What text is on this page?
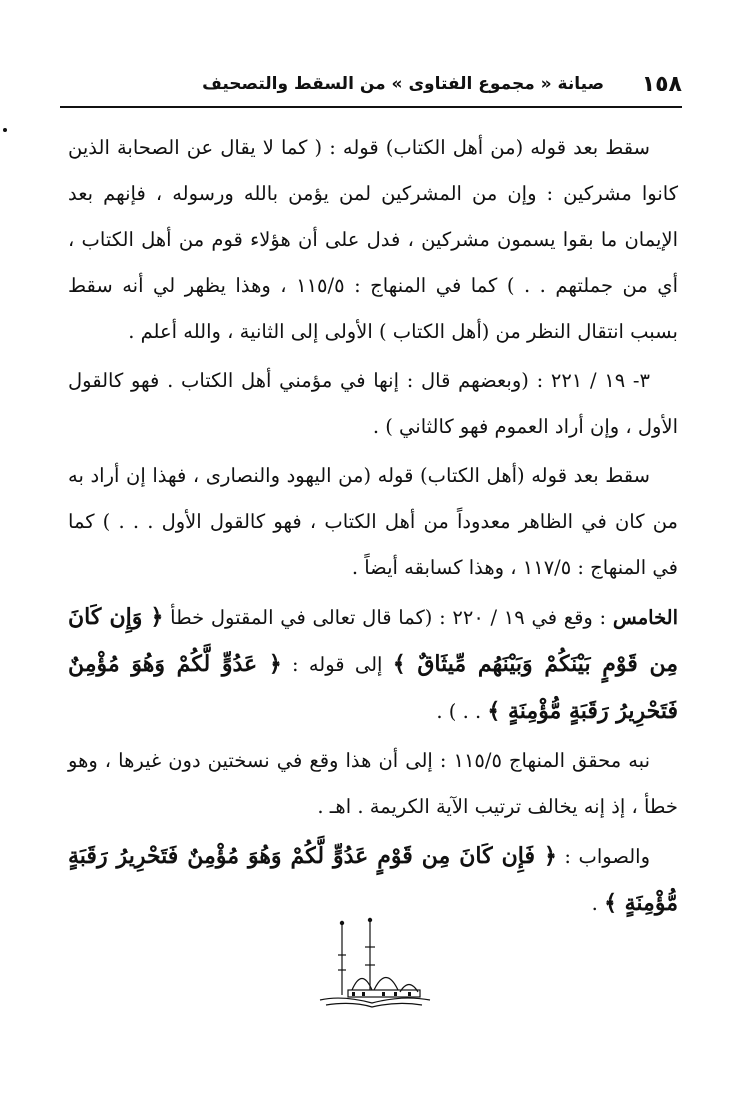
١٥٨
صيانة « مجموع الفتاوى » من السقط والتصحيف

سقط بعد قوله (من أهل الكتاب) قوله : ( كما لا يقال عن الصحابة الذين كانوا مشركين : وإن من المشركين لمن يؤمن بالله ورسوله ، فإنهم بعد الإيمان ما بقوا يسمون مشركين ، فدل على أن هؤلاء قوم من أهل الكتاب ، أي من جملتهم . . ) كما في المنهاج : ١١٥/٥ ، وهذا يظهر لي أنه سقط بسبب انتقال النظر من (أهل الكتاب ) الأولى إلى الثانية ، والله أعلم .

٣- ١٩ / ٢٢١ : (وبعضهم قال : إنها في مؤمني أهل الكتاب . فهو كالقول الأول ، وإن أراد العموم فهو كالثاني ) .

سقط بعد قوله (أهل الكتاب) قوله (من اليهود والنصارى ، فهذا إن أراد به من كان في الظاهر معدوداً من أهل الكتاب ، فهو كالقول الأول . . . ) كما في المنهاج : ١١٧/٥ ، وهذا كسابقه أيضاً .

الخامس : وقع في ١٩ / ٢٢٠ : (كما قال تعالى في المقتول خطأ ﴿ وَإِن كَانَ مِن قَوْمٍ بَيْنَكُمْ وَبَيْنَهُم مِّيثَاقٌ ﴾ إلى قوله : ﴿ عَدُوٍّ لَّكُمْ وَهُوَ مُؤْمِنٌ فَتَحْرِيرُ رَقَبَةٍ مُّؤْمِنَةٍ ﴾ . . ) .

نبه محقق المنهاج ١١٥/٥ : إلى أن هذا وقع في نسختين دون غيرها ، وهو خطأ ، إذ إنه يخالف ترتيب الآية الكريمة . اهـ .

والصواب : ﴿ فَإِن كَانَ مِن قَوْمٍ عَدُوٍّ لَّكُمْ وَهُوَ مُؤْمِنٌ فَتَحْرِيرُ رَقَبَةٍ مُّؤْمِنَةٍ ﴾ .
